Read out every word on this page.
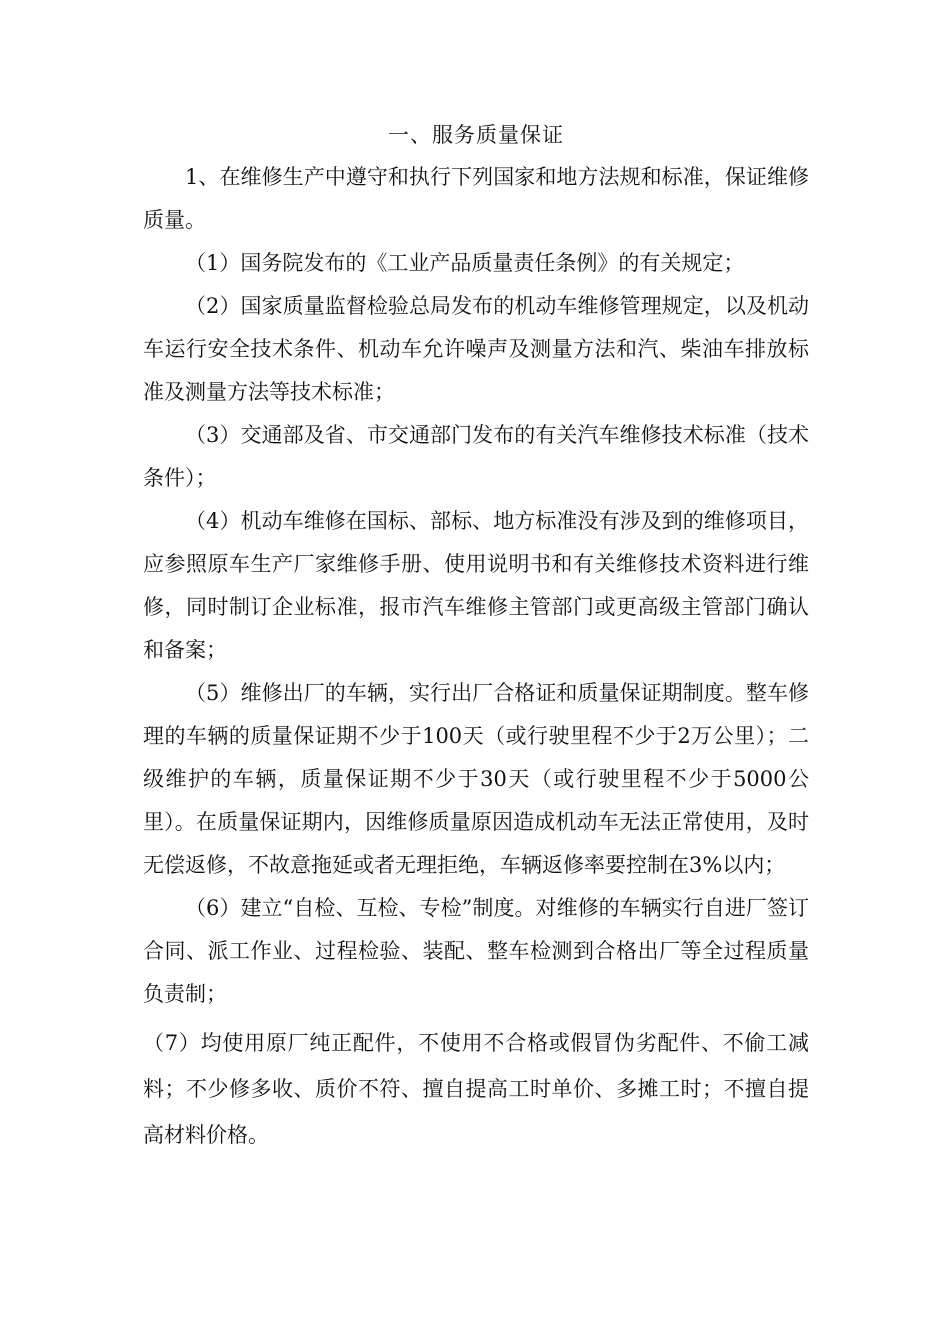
一、服务质量保证

1、在维修生产中遵守和执行下列国家和地方法规和标准，保证维修质量。

（1）国务院发布的《工业产品质量责任条例》的有关规定；

（2）国家质量监督检验总局发布的机动车维修管理规定，以及机动车运行安全技术条件、机动车允许噪声及测量方法和汽、柴油车排放标准及测量方法等技术标准；

（3）交通部及省、市交通部门发布的有关汽车维修技术标准（技术条件）；

（4）机动车维修在国标、部标、地方标准没有涉及到的维修项目，应参照原车生产厂家维修手册、使用说明书和有关维修技术资料进行维修，同时制订企业标准，报市汽车维修主管部门或更高级主管部门确认和备案；

（5）维修出厂的车辆，实行出厂合格证和质量保证期制度。整车修理的车辆的质量保证期不少于100天（或行驶里程不少于2万公里）；二级维护的车辆，质量保证期不少于30天（或行驶里程不少于5000公里）。在质量保证期内，因维修质量原因造成机动车无法正常使用，及时无偿返修，不故意拖延或者无理拒绝，车辆返修率要控制在3%以内；

（6）建立“自检、互检、专检”制度。对维修的车辆实行自进厂签订合同、派工作业、过程检验、装配、整车检测到合格出厂等全过程质量负责制；

（7）均使用原厂纯正配件，不使用不合格或假冒伪劣配件、不偷工减料；不少修多收、质价不符、擅自提高工时单价、多摊工时；不擅自提高材料价格。
